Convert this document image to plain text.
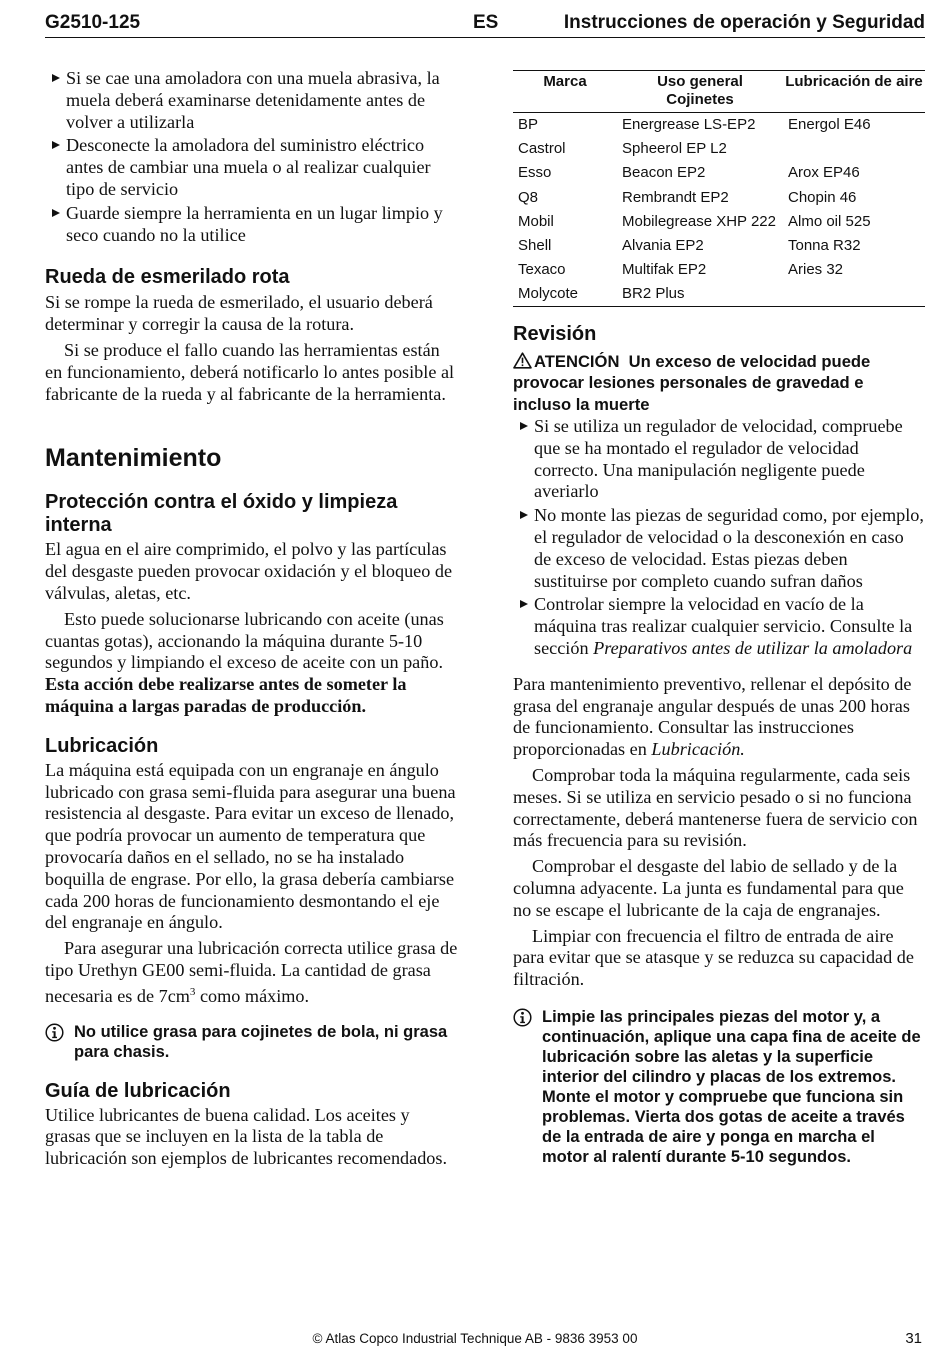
G2510-125	ES	Instrucciones de operación y Seguridad
Si se cae una amoladora con una muela abrasiva, la muela deberá examinarse detenidamente antes de volver a utilizarla
Desconecte la amoladora del suministro eléctrico antes de cambiar una muela o al realizar cualquier tipo de servicio
Guarde siempre la herramienta en un lugar limpio y seco cuando no la utilice
Rueda de esmerilado rota

Si se rompe la rueda de esmerilado, el usuario deberá determinar y corregir la causa de la rotura.

Si se produce el fallo cuando las herramientas están en funcionamiento, deberá notificarlo lo antes posible al fabricante de la rueda y al fabricante de la herramienta.

Mantenimiento
Protección contra el óxido y limpieza interna

El agua en el aire comprimido, el polvo y las partículas del desgaste pueden provocar oxidación y el bloqueo de válvulas, aletas, etc.

Esto puede solucionarse lubricando con aceite (unas cuantas gotas), accionando la máquina durante 5-10 segundos y limpiando el exceso de aceite con un paño. Esta acción debe realizarse antes de someter la máquina a largas paradas de producción.

Lubricación

La máquina está equipada con un engranaje en ángulo lubricado con grasa semi-fluida para asegurar una buena resistencia al desgaste. Para evitar un exceso de llenado, que podría provocar un aumento de temperatura que provocaría daños en el sellado, no se ha instalado boquilla de engrase. Por ello, la grasa debería cambiarse cada 200 horas de funcionamiento desmontando el eje del engranaje en ángulo.

Para asegurar una lubricación correcta utilice grasa de tipo Urethyn GE00 semi-fluida. La cantidad de grasa necesaria es de $7cm^3$ como máximo.

No utilice grasa para cojinetes de bola, ni grasa para chasis.
Guía de lubricación

Utilice lubricantes de buena calidad. Los aceites y grasas que se incluyen en la lista de la tabla de lubricación son ejemplos de lubricantes recomendados.

Marca	Uso general Cojinetes	Lubricación de aire
BP	Energrease LS-EP2	Energol E46
Castrol	Spheerol EP L2	
Esso	Beacon EP2	Arox EP46
Q8	Rembrandt EP2	Chopin 46
Mobil	Mobilegrease XHP 222	Almo oil 525
Shell	Alvania EP2	Tonna R32
Texaco	Multifak EP2	Aries 32
Molycote	BR2 Plus	
Revisión
ATENCIÓN Un exceso de velocidad puede provocar lesiones personales de gravedad e incluso la muerte
Si se utiliza un regulador de velocidad, compruebe que se ha montado el regulador de velocidad correcto. Una manipulación negligente puede averiarlo
No monte las piezas de seguridad como, por ejemplo, el regulador de velocidad o la desconexión en caso de exceso de velocidad. Estas piezas deben sustituirse por completo cuando sufran daños
Controlar siempre la velocidad en vacío de la máquina tras realizar cualquier servicio. Consulte la sección Preparativos antes de utilizar la amoladora

Para mantenimiento preventivo, rellenar el depósito de grasa del engranaje angular después de unas 200 horas de funcionamiento. Consultar las instrucciones proporcionadas en Lubricación.

Comprobar toda la máquina regularmente, cada seis meses. Si se utiliza en servicio pesado o si no funciona correctamente, deberá mantenerse fuera de servicio con más frecuencia para su revisión.

Comprobar el desgaste del labio de sellado y de la columna adyacente. La junta es fundamental para que no se escape el lubricante de la caja de engranajes.

Limpiar con frecuencia el filtro de entrada de aire para evitar que se atasque y se reduzca su capacidad de filtración.

Limpie las principales piezas del motor y, a continuación, aplique una capa fina de aceite de lubricación sobre las aletas y la superficie interior del cilindro y placas de los extremos. Monte el motor y compruebe que funciona sin problemas. Vierta dos gotas de aceite a través de la entrada de aire y ponga en marcha el motor al ralentí durante 5-10 segundos.
© Atlas Copco Industrial Technique AB - 9836 3953 00	31
